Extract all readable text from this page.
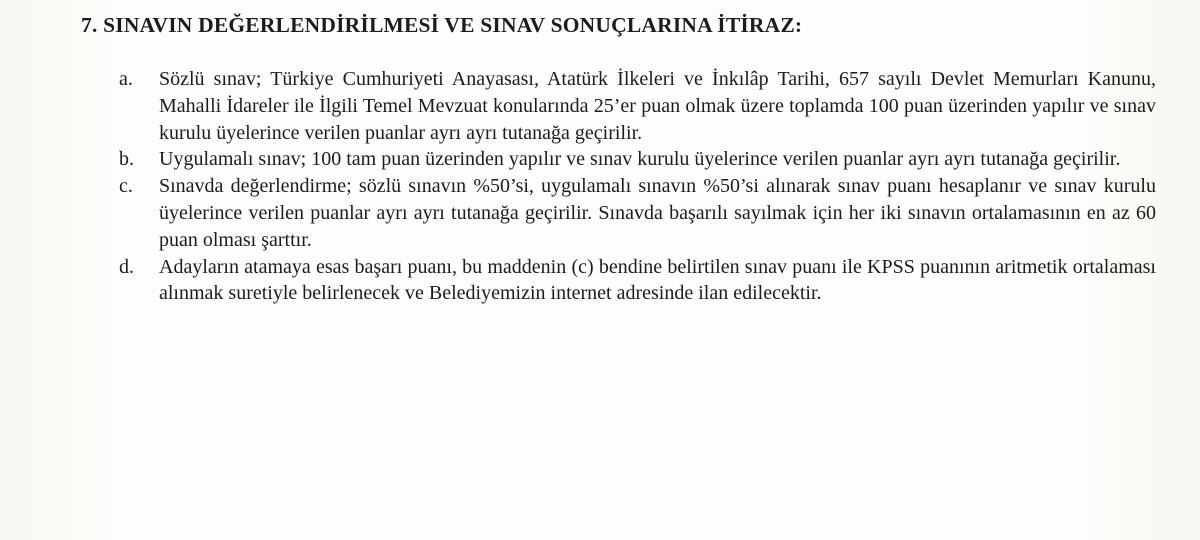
7. SINAVIN DEĞERLENDİRİLMESİ VE SINAV SONUÇLARINA İTİRAZ:
a. Sözlü sınav; Türkiye Cumhuriyeti Anayasası, Atatürk İlkeleri ve İnkılâp Tarihi, 657 sayılı Devlet Memurları Kanunu, Mahalli İdareler ile İlgili Temel Mevzuat konularında 25’er puan olmak üzere toplamda 100 puan üzerinden yapılır ve sınav kurulu üyelerince verilen puanlar ayrı ayrı tutanağa geçirilir.
b. Uygulamalı sınav; 100 tam puan üzerinden yapılır ve sınav kurulu üyelerince verilen puanlar ayrı ayrı tutanağa geçirilir.
c. Sınavda değerlendirme; sözlü sınavın %50’si, uygulamalı sınavın %50’si alınarak sınav puanı hesaplanır ve sınav kurulu üyelerince verilen puanlar ayrı ayrı tutanağa geçirilir. Sınavda başarılı sayılmak için her iki sınavın ortalamasının en az 60 puan olması şarttır.
d. Adayların atamaya esas başarı puanı, bu maddenin (c) bendine belirtilen sınav puanı ile KPSS puanının aritmetik ortalaması alınmak suretiyle belirlenecek ve Belediyemizin internet adresinde ilan edilecektir.
